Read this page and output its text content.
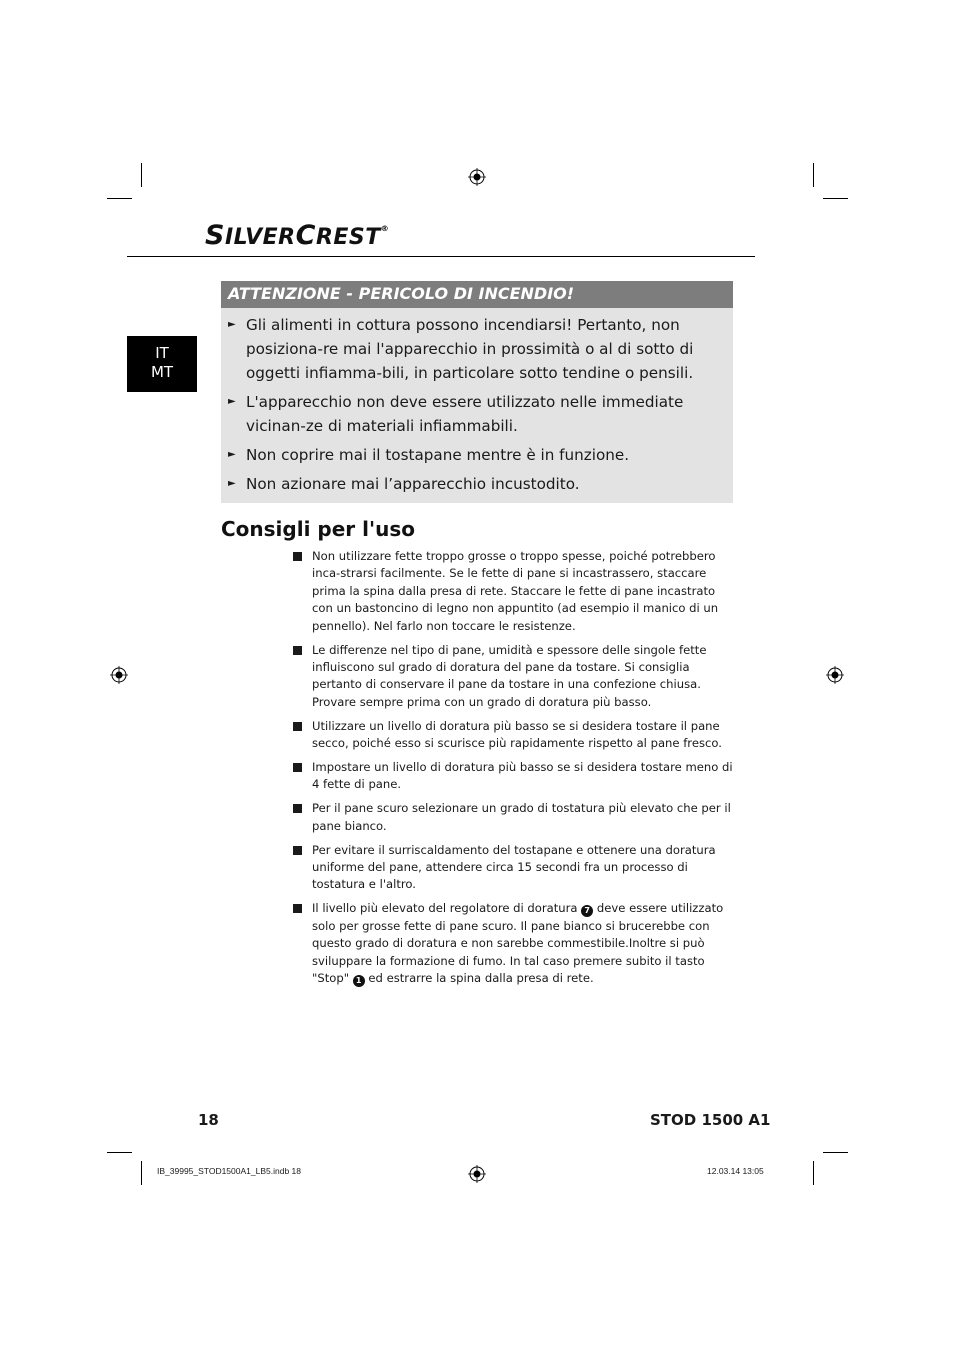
SILVERCREST®
IT
MT
ATTENZIONE - PERICOLO DI INCENDIO!
► Gli alimenti in cottura possono incendiarsi! Pertanto, non posiziona-re mai l'apparecchio in prossimità o al di sotto di oggetti infiamma-bili, in particolare sotto tendine o pensili.
► L'apparecchio non deve essere utilizzato nelle immediate vicinan-ze di materiali infiammabili.
► Non coprire mai il tostapane mentre è in funzione.
► Non azionare mai l’apparecchio incustodito.
Consigli per l'uso
Non utilizzare fette troppo grosse o troppo spesse, poiché potrebbero inca-strarsi facilmente. Se le fette di pane si incastrassero, staccare prima la spina dalla presa di rete. Staccare le fette di pane incastrato con un bastoncino di legno non appuntito (ad esempio il manico di un pennello). Nel farlo non toccare le resistenze.
Le differenze nel tipo di pane, umidità e spessore delle singole fette influiscono sul grado di doratura del pane da tostare. Si consiglia pertanto di conservare il pane da tostare in una confezione chiusa. Provare sempre prima con un grado di doratura più basso.
Utilizzare un livello di doratura più basso se si desidera tostare il pane secco, poiché esso si scurisce più rapidamente rispetto al pane fresco.
Impostare un livello di doratura più basso se si desidera tostare meno di 4 fette di pane.
Per il pane scuro selezionare un grado di tostatura più elevato che per il pane bianco.
Per evitare il surriscaldamento del tostapane e ottenere una doratura uniforme del pane, attendere circa 15 secondi fra un processo di tostatura e l'altro.
Il livello più elevato del regolatore di doratura 7 deve essere utilizzato solo per grosse fette di pane scuro. Il pane bianco si brucerebbe con questo grado di doratura e non sarebbe commestibile.Inoltre si può sviluppare la formazione di fumo. In tal caso premere subito il tasto "Stop" 1 ed estrarre la spina dalla presa di rete.
18	STOD 1500 A1
IB_39995_STOD1500A1_LB5.indb 18	12.03.14 13:05
